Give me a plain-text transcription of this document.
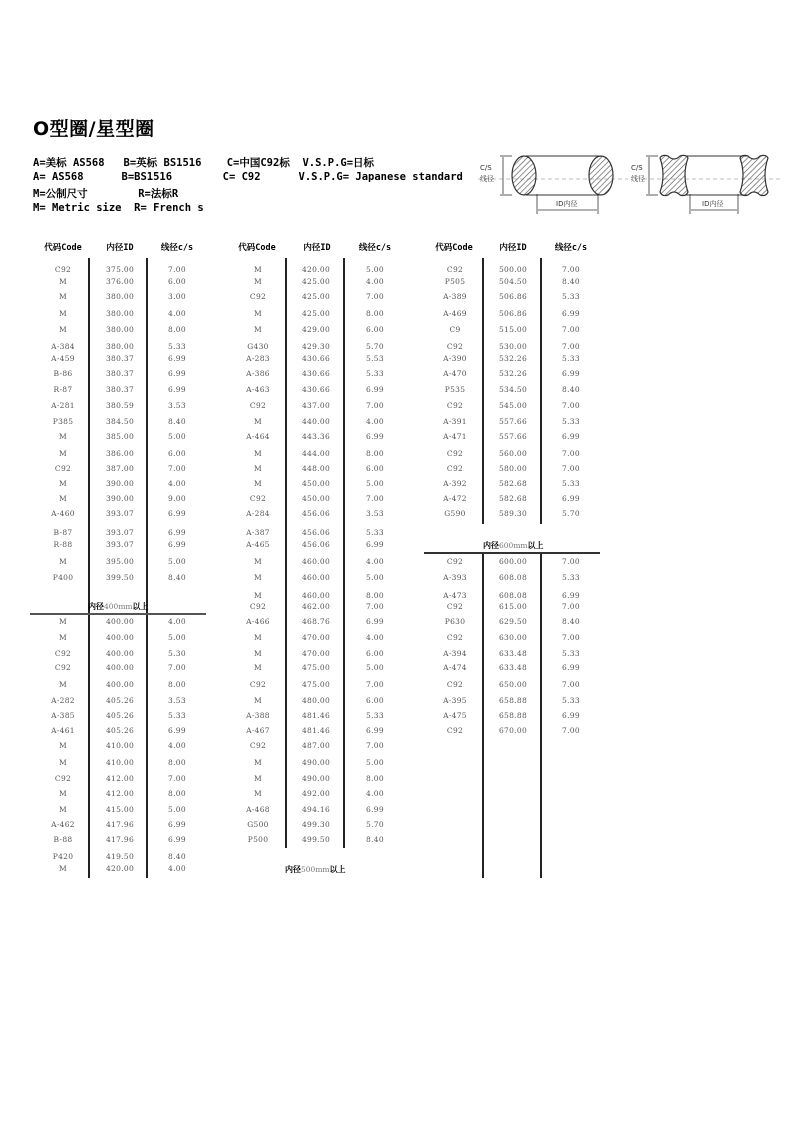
O型圈/星型圈
A=美标 AS568   B=英标 BS1516    C=中国C92标  V.S.P.G=日标
A= AS568      B=BS1516        C= C92      V.S.P.G= Japanese standard
M=公制尺寸        R=法标R
M= Metric size  R= French s
C/S
线径
ID内径
C/S
线径
ID内径
代码Code	内径ID	线径c/s	代码Code	内径ID	线径c/s	代码Code	内径ID	线径c/s
内径400mm以上
内径500mm以上
内径600mm以上
C92	375.00	7.00
M	376.00	6.00
M	380.00	3.00
M	380.00	4.00
M	380.00	8.00
A-384	380.00	5.33
A-459	380.37	6.99
B-86	380.37	6.99
R-87	380.37	6.99
A-281	380.59	3.53
P385	384.50	8.40
M	385.00	5.00
M	386.00	6.00
C92	387.00	7.00
M	390.00	4.00
M	390.00	9.00
A-460	393.07	6.99
B-87	393.07	6.99
R-88	393.07	6.99
M	395.00	5.00
P400	399.50	8.40
M	400.00	4.00
M	400.00	5.00
C92	400.00	5.30
C92	400.00	7.00
M	400.00	8.00
A-282	405.26	3.53
A-385	405.26	5.33
A-461	405.26	6.99
M	410.00	4.00
M	410.00	8.00
C92	412.00	7.00
M	412.00	8.00
M	415.00	5.00
A-462	417.96	6.99
B-88	417.96	6.99
P420	419.50	8.40
M	420.00	4.00
M	420.00	5.00
M	425.00	4.00
C92	425.00	7.00
M	425.00	8.00
M	429.00	6.00
G430	429.30	5.70
A-283	430.66	5.53
A-386	430.66	5.33
A-463	430.66	6.99
C92	437.00	7.00
M	440.00	4.00
A-464	443.36	6.99
M	444.00	8.00
M	448.00	6.00
M	450.00	5.00
C92	450.00	7.00
A-284	456.06	3.53
A-387	456.06	5.33
A-465	456.06	6.99
M	460.00	4.00
M	460.00	5.00
M	460.00	8.00
C92	462.00	7.00
A-466	468.76	6.99
M	470.00	4.00
M	470.00	6.00
M	475.00	5.00
C92	475.00	7.00
M	480.00	6.00
A-388	481.46	5.33
A-467	481.46	6.99
C92	487.00	7.00
M	490.00	5.00
M	490.00	8.00
M	492.00	4.00
A-468	494.16	6.99
G500	499.30	5.70
P500	499.50	8.40
C92	500.00	7.00
P505	504.50	8.40
A-389	506.86	5.33
A-469	506.86	6.99
C9	515.00	7.00
C92	530.00	7.00
A-390	532.26	5.33
A-470	532.26	6.99
P535	534.50	8.40
C92	545.00	7.00
A-391	557.66	5.33
A-471	557.66	6.99
C92	560.00	7.00
C92	580.00	7.00
A-392	582.68	5.33
A-472	582.68	6.99
G590	589.30	5.70
C92	600.00	7.00
A-393	608.08	5.33
A-473	608.08	6.99
C92	615.00	7.00
P630	629.50	8.40
C92	630.00	7.00
A-394	633.48	5.33
A-474	633.48	6.99
C92	650.00	7.00
A-395	658.88	5.33
A-475	658.88	6.99
C92	670.00	7.00
